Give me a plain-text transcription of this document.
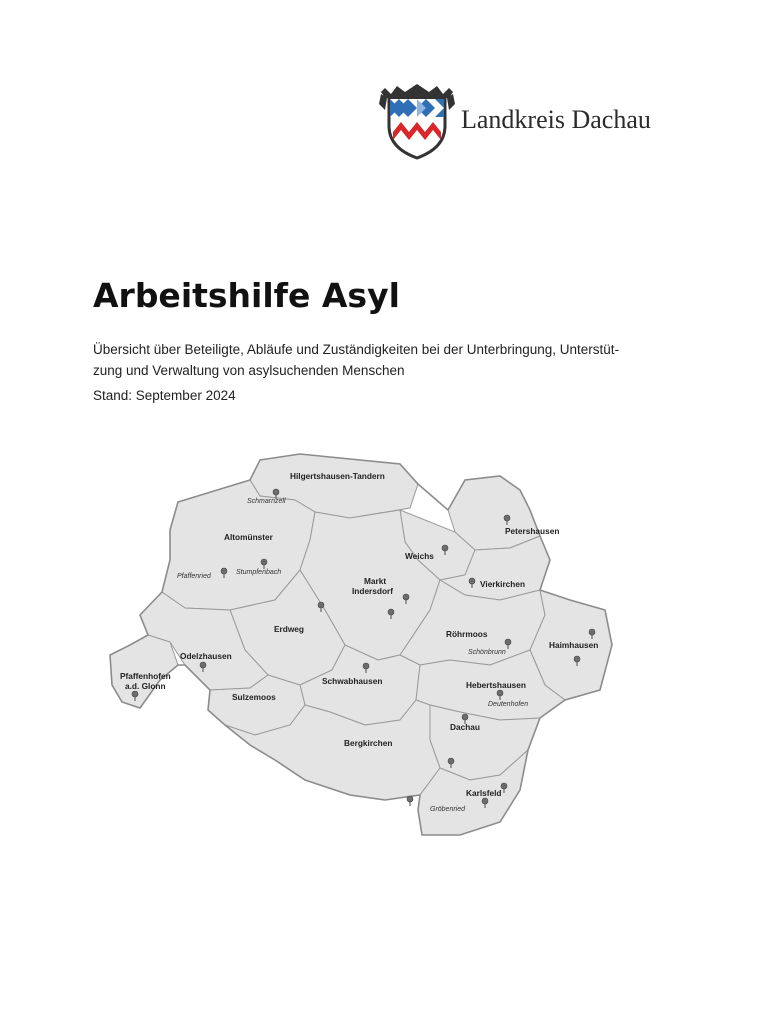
Landkreis Dachau
Arbeitshilfe Asyl
Übersicht über Beteiligte, Abläufe und Zuständigkeiten bei der Unterbringung, Unterstüt-
zung und Verwaltung von asylsuchenden Menschen
Stand: September 2024
Hilgertshausen-Tandern
Altomünster
Petershausen
Weichs
Markt
Indersdorf
Vierkirchen
Erdweg	Röhrmoos
Haimhausen
Odelzhausen
Pfaffenhofen
a.d. Glonn	Schwabhausen	Hebertshausen
Sulzemoos
Dachau
Bergkirchen
Karlsfeld
Schmarnzell
Stumpfenbach
Pfaffenried
Schönbrunn
Deutenhofen
Gröbenried
